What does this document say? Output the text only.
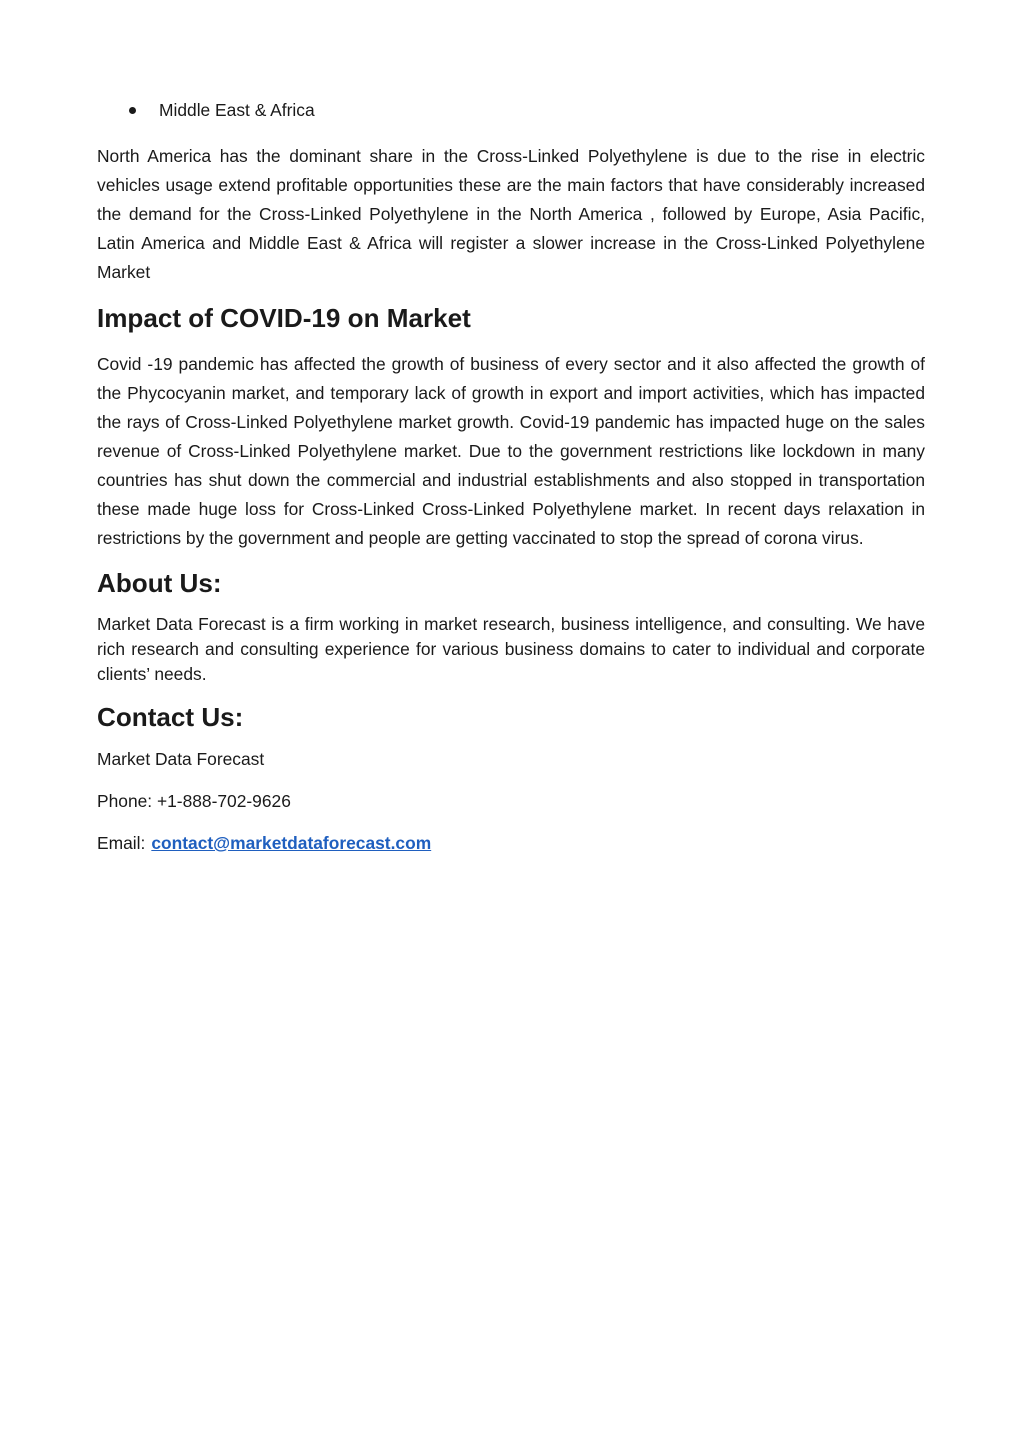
Middle East & Africa

North America has the dominant share in the Cross-Linked Polyethylene is due to the rise in electric vehicles usage extend profitable opportunities these are the main factors that have considerably increased the demand for the Cross-Linked Polyethylene in the North America , followed by Europe, Asia Pacific, Latin America and Middle East & Africa will register a slower increase in the Cross-Linked Polyethylene Market

Impact of COVID-19 on Market

Covid -19 pandemic has affected the growth of business of every sector and it also affected the growth of the Phycocyanin market, and temporary lack of growth in export and import activities, which has impacted the rays of Cross-Linked Polyethylene market growth. Covid-19 pandemic has impacted huge on the sales revenue of Cross-Linked Polyethylene market. Due to the government restrictions like lockdown in many countries has shut down the commercial and industrial establishments and also stopped in transportation these made huge loss for Cross-Linked Cross-Linked Polyethylene market. In recent days relaxation in restrictions by the government and people are getting vaccinated to stop the spread of corona virus.

About Us:

Market Data Forecast is a firm working in market research, business intelligence, and consulting. We have rich research and consulting experience for various business domains to cater to individual and corporate clients’ needs.

Contact Us:
Market Data Forecast
Phone: +1-888-702-9626
Email: contact@marketdataforecast.com
